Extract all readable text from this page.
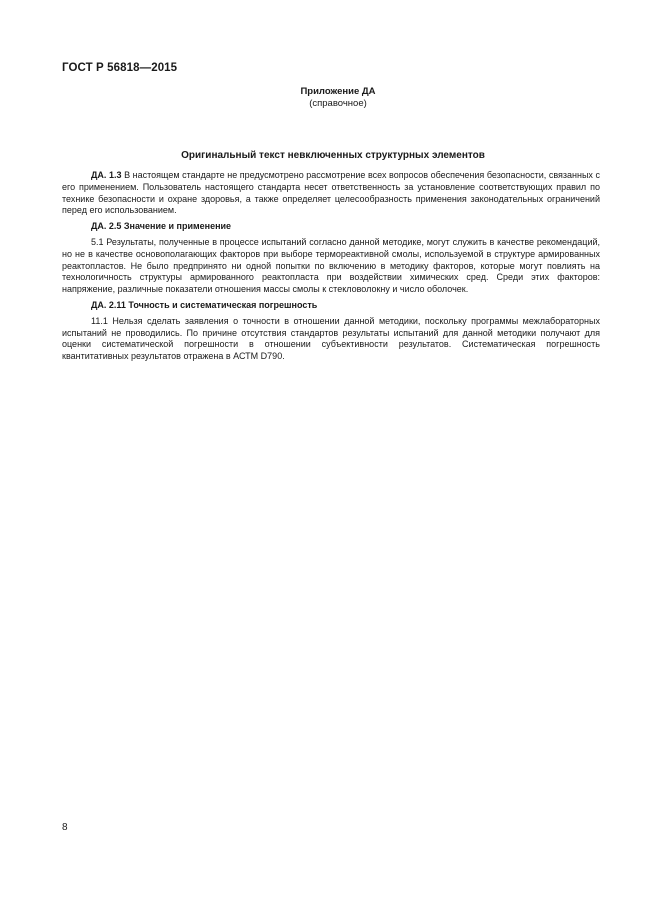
ГОСТ Р 56818—2015
Приложение ДА
(справочное)
Оригинальный текст невключенных структурных элементов

ДА. 1.3 В настоящем стандарте не предусмотрено рассмотрение всех вопросов обеспечения безопасности, связанных с его применением. Пользователь настоящего стандарта несет ответственность за установление соответствующих правил по технике безопасности и охране здоровья, а также определяет целесообразность применения законодательных ограничений перед его использованием.

ДА. 2.5 Значение и применение

5.1 Результаты, полученные в процессе испытаний согласно данной методике, могут служить в качестве рекомендаций, но не в качестве основополагающих факторов при выборе термореактивной смолы, используемой в структуре армированных реактопластов. Не было предпринято ни одной попытки по включению в методику факторов, которые могут повлиять на технологичность структуры армированного реактопласта при воздействии химических сред. Среди этих факторов: напряжение, различные показатели отношения массы смолы к стекловолокну и число оболочек.

ДА. 2.11 Точность и систематическая погрешность

11.1 Нельзя сделать заявления о точности в отношении данной методики, поскольку программы межлабораторных испытаний не проводились. По причине отсутствия стандартов результаты испытаний для данной методики получают для оценки систематической погрешности в отношении субъективности результатов. Систематическая погрешность квантитативных результатов отражена в АСТМ D790.

8
